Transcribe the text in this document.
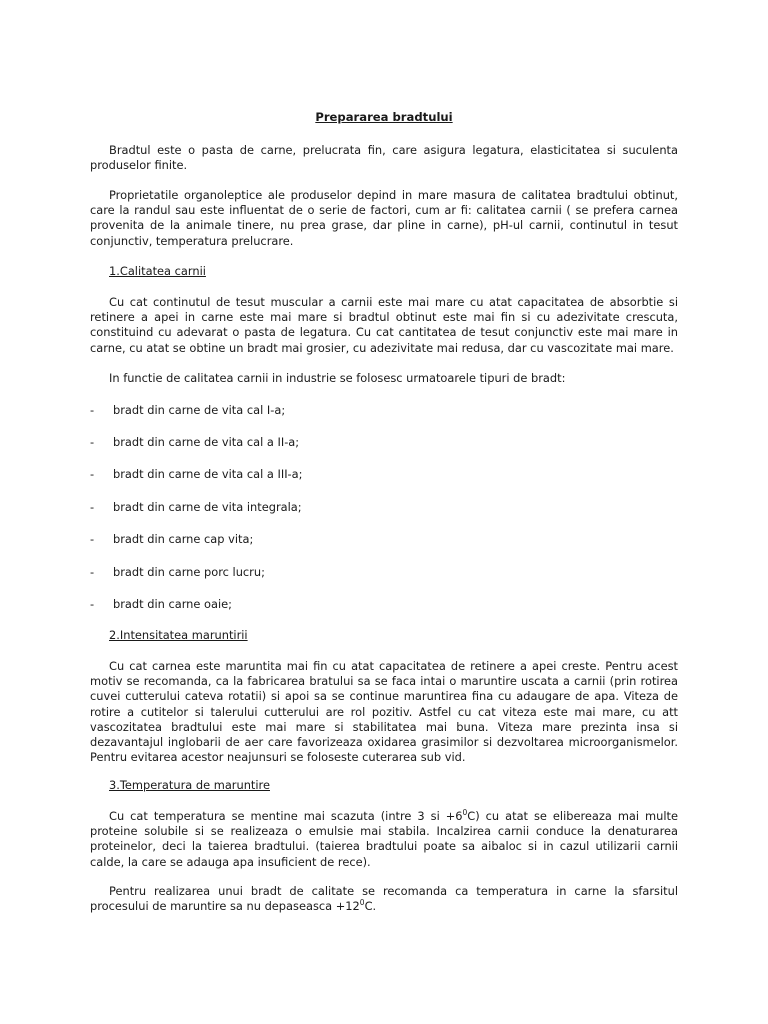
Prepararea bradtului

Bradtul este o pasta de carne, prelucrata fin, care asigura legatura, elasticitatea si suculenta produselor finite.

Proprietatile organoleptice ale produselor depind in mare masura de calitatea bradtului obtinut, care la randul sau este influentat de o serie de factori, cum ar fi: calitatea carnii ( se prefera carnea provenita de la animale tinere, nu prea grase, dar pline in carne), pH-ul carnii, continutul in tesut conjunctiv, temperatura prelucrare.

1.Calitatea carnii

Cu cat continutul de tesut muscular a carnii este mai mare cu atat capacitatea de absorbtie si retinere a apei in carne este mai mare si bradtul obtinut este mai fin si cu adezivitate crescuta, constituind cu adevarat o pasta de legatura. Cu cat cantitatea de tesut conjunctiv este mai mare in carne, cu atat se obtine un bradt mai grosier, cu adezivitate mai redusa, dar cu vascozitate mai mare.

In functie de calitatea carnii in industrie se folosesc urmatoarele tipuri de bradt:

- bradt din carne de vita cal I-a;
- bradt din carne de vita cal a II-a;
- bradt din carne de vita cal a III-a;
- bradt din carne de vita integrala;
- bradt din carne cap vita;
- bradt din carne porc lucru;
- bradt din carne oaie;
2.Intensitatea maruntirii

Cu cat carnea este maruntita mai fin cu atat capacitatea de retinere a apei creste. Pentru acest motiv se recomanda, ca la fabricarea bratului sa se faca intai o maruntire uscata a carnii (prin rotirea cuvei cutterului cateva rotatii) si apoi sa se continue maruntirea fina cu adaugare de apa. Viteza de rotire a cutitelor si talerului cutterului are rol pozitiv. Astfel cu cat viteza este mai mare, cu att vascozitatea bradtului este mai mare si stabilitatea mai buna. Viteza mare prezinta insa si dezavantajul inglobarii de aer care favorizeaza oxidarea grasimilor si dezvoltarea microorganismelor. Pentru evitarea acestor neajunsuri se foloseste cuterarea sub vid.

3.Temperatura de maruntire

Cu cat temperatura se mentine mai scazuta (intre 3 si $+6^0C$) cu atat se elibereaza mai multe proteine solubile si se realizeaza o emulsie mai stabila. Incalzirea carnii conduce la denaturarea proteinelor, deci la taierea bradtului. (taierea bradtului poate sa aibaloc si in cazul utilizarii carnii calde, la care se adauga apa insuficient de rece).

Pentru realizarea unui bradt de calitate se recomanda ca temperatura in carne la sfarsitul procesului de maruntire sa nu depaseasca $+12^0C$.
